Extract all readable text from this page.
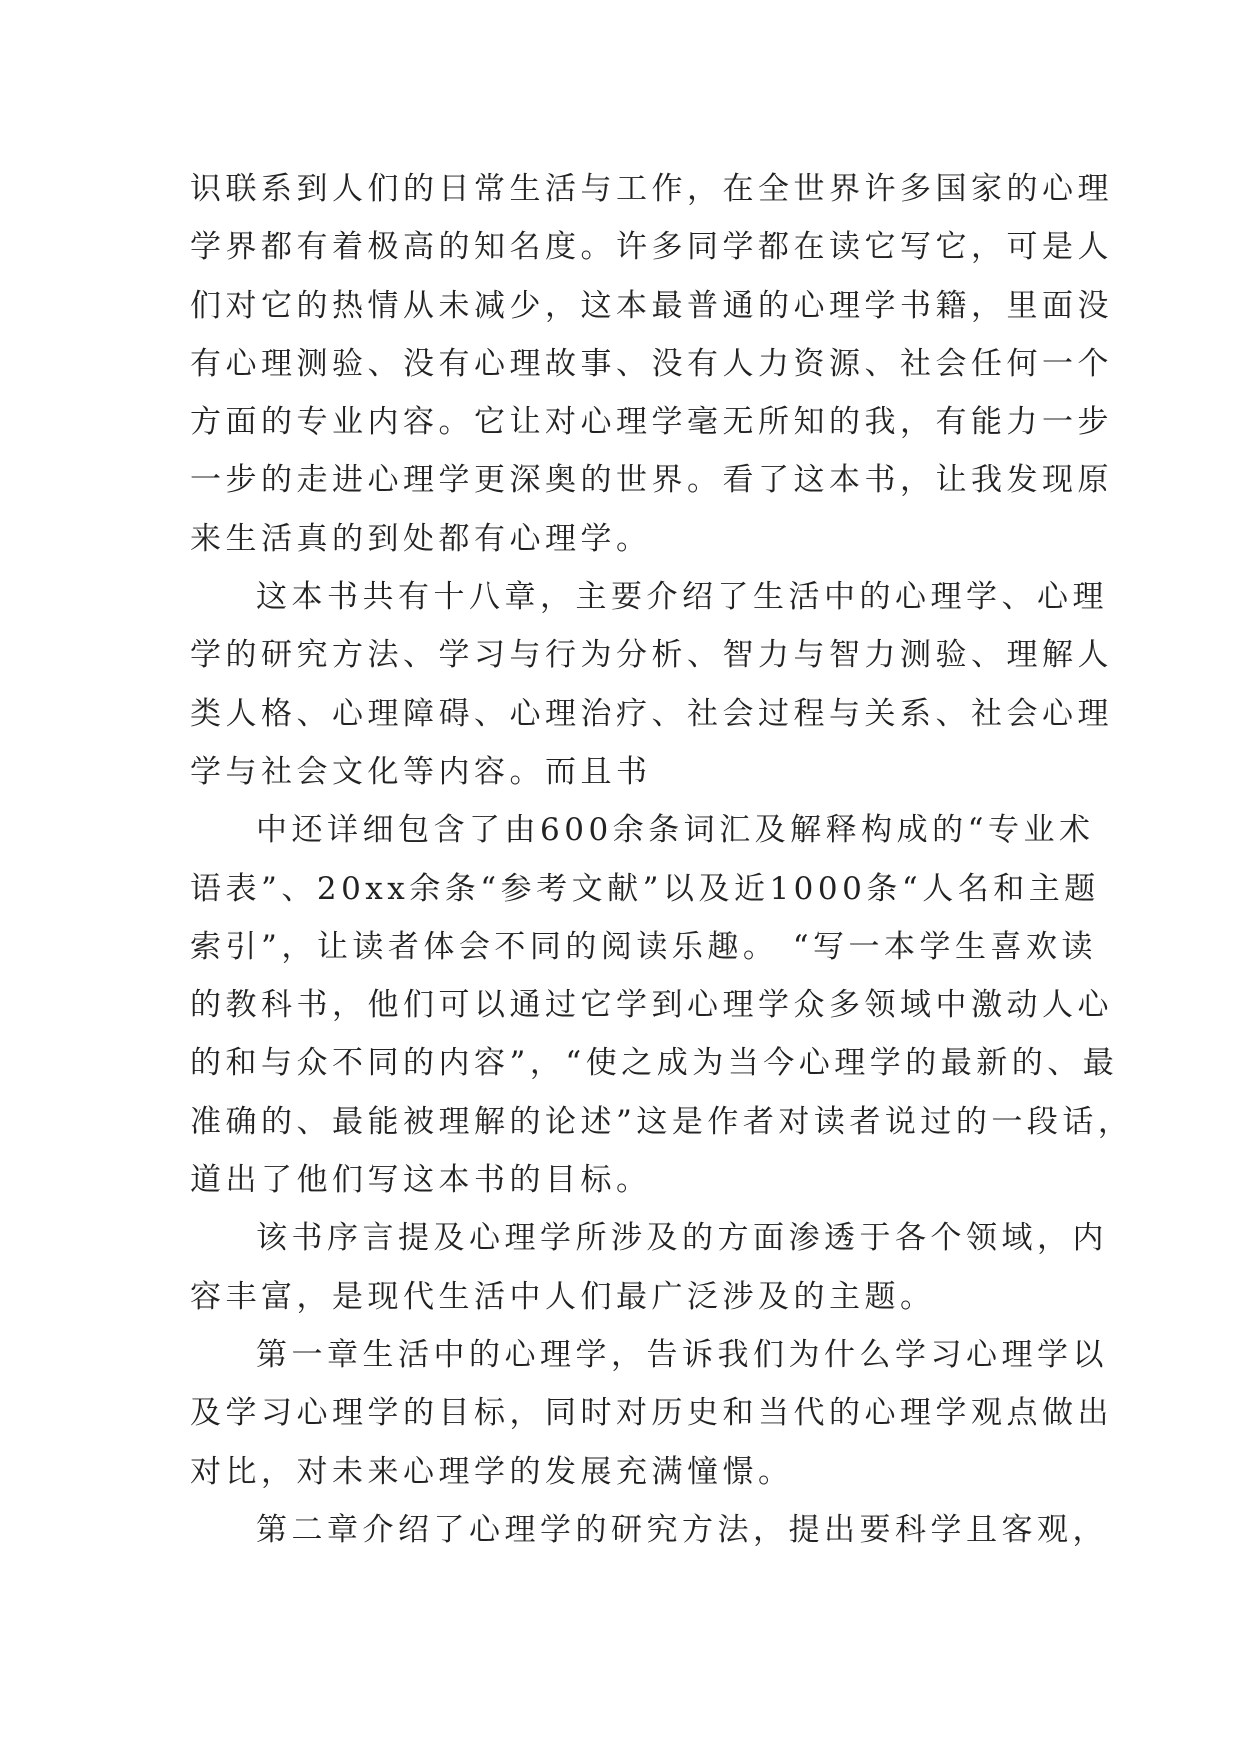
识联系到人们的日常生活与工作，在全世界许多国家的心理
学界都有着极高的知名度。许多同学都在读它写它，可是人
们对它的热情从未减少，这本最普通的心理学书籍，里面没
有心理测验、没有心理故事、没有人力资源、社会任何一个
方面的专业内容。它让对心理学毫无所知的我，有能力一步
一步的走进心理学更深奥的世界。看了这本书，让我发现原
来生活真的到处都有心理学。
这本书共有十八章，主要介绍了生活中的心理学、心理
学的研究方法、学习与行为分析、智力与智力测验、理解人
类人格、心理障碍、心理治疗、社会过程与关系、社会心理
学与社会文化等内容。而且书
中还详细包含了由600余条词汇及解释构成的“专业术
语表”、20xx余条“参考文献”以及近1000条“人名和主题
索引”，让读者体会不同的阅读乐趣。 “写一本学生喜欢读
的教科书，他们可以通过它学到心理学众多领域中激动人心
的和与众不同的内容”，“使之成为当今心理学的最新的、最
准确的、最能被理解的论述”这是作者对读者说过的一段话，
道出了他们写这本书的目标。
该书序言提及心理学所涉及的方面渗透于各个领域，内
容丰富，是现代生活中人们最广泛涉及的主题。
第一章生活中的心理学，告诉我们为什么学习心理学以
及学习心理学的目标，同时对历史和当代的心理学观点做出
对比，对未来心理学的发展充满憧憬。
第二章介绍了心理学的研究方法，提出要科学且客观，
